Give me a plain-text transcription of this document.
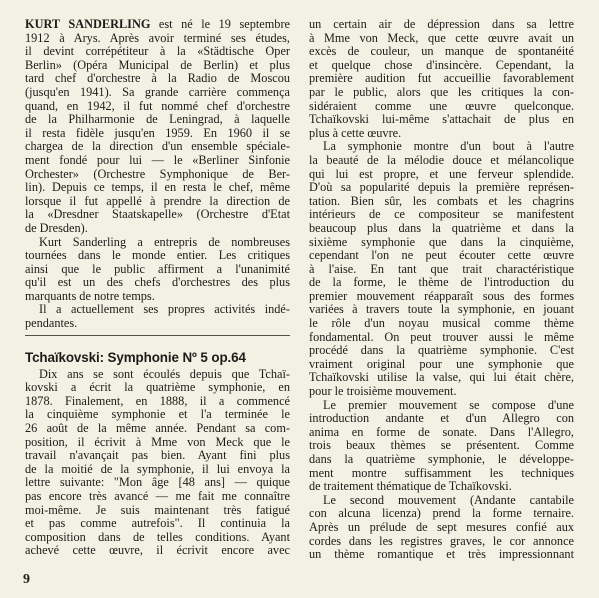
KURT SANDERLING est né le 19 septembre
1912 à Arys. Après avoir terminé ses études,
il devint corrépétiteur à la «Städtische Oper
Berlin» (Opéra Municipal de Berlin) et plus
tard chef d'orchestre à la Radio de Moscou
(jusqu'en 1941). Sa grande carrière commença
quand, en 1942, il fut nommé chef d'orchestre
de la Philharmonie de Leningrad, à laquelle
il resta fidèle jusqu'en 1959. En 1960 il se
chargea de la direction d'un ensemble spéciale-
ment fondé pour lui — le «Berliner Sinfonie
Orchester» (Orchestre Symphonique de Ber-
lin). Depuis ce temps, il en resta le chef, même
lorsque il fut appellé à prendre la direction de
la «Dresdner Staatskapelle» (Orchestre d'Etat
de Dresden).
Kurt Sanderling a entrepris de nombreuses
tournées dans le monde entier. Les critiques
ainsi que le public affirment a l'unanimité
qu'il est un des chefs d'orchestres des plus
marquants de notre temps.
Il a actuellement ses propres activités indé-
pendantes.
Tchaïkovski: Symphonie Nº 5 op.64
Dix ans se sont écoulés depuis que Tchaï-
kovski a écrit la quatrième symphonie, en
1878. Finalement, en 1888, il a commencé
la cinquième symphonie et l'a terminée le
26 août de la même année. Pendant sa com-
position, il écrivit à Mme von Meck que le
travail n'avançait pas bien. Ayant fini plus
de la moitié de la symphonie, il lui envoya la
lettre suivante: "Mon âge [48 ans] — quique
pas encore très avancé — me fait me connaître
moi-même. Je suis maintenant très fatigué
et pas comme autrefois". Il continuia la
composition dans de telles conditions. Ayant
achevé cette œuvre, il écrivit encore avec
un certain air de dépression dans sa lettre
à Mme von Meck, que cette œuvre avait un
excès de couleur, un manque de spontanéité
et quelque chose d'insincère. Cependant, la
première audition fut accueillie favorablement
par le public, alors que les critiques la con-
sidéraient comme une œuvre quelconque.
Tchaïkovski lui-même s'attachait de plus en
plus à cette œuvre.
La symphonie montre d'un bout à l'autre
la beauté de la mélodie douce et mélancolique
qui lui est propre, et une ferveur splendide.
D'où sa popularité depuis la première représen-
tation. Bien sûr, les combats et les chagrins
intérieurs de ce compositeur se manifestent
beaucoup plus dans la quatrième et dans la
sixième symphonie que dans la cinquième,
cependant l'on ne peut écouter cette œuvre
à l'aise. En tant que trait charactéristique
de la forme, le thème de l'introduction du
premier mouvement réapparaît sous des formes
variées à travers toute la symphonie, en jouant
le rôle d'un noyau musical comme thème
fondamental. On peut trouver aussi le même
procédé dans la quatrième symphonie. C'est
vraiment original pour une symphonie que
Tchaïkovski utilise la valse, qui lui était chère,
pour le troisième mouvement.
Le premier mouvement se compose d'une
introduction andante et d'un Allegro con
anima en forme de sonate. Dans l'Allegro,
trois beaux thèmes se présentent. Comme
dans la quatrième symphonie, le développe-
ment montre suffisamment les techniques
de traitement thématique de Tchaïkovski.
Le second mouvement (Andante cantabile
con alcuna licenza) prend la forme ternaire.
Après un prélude de sept mesures confié aux
cordes dans les registres graves, le cor annonce
un thème romantique et très impressionnant
9
